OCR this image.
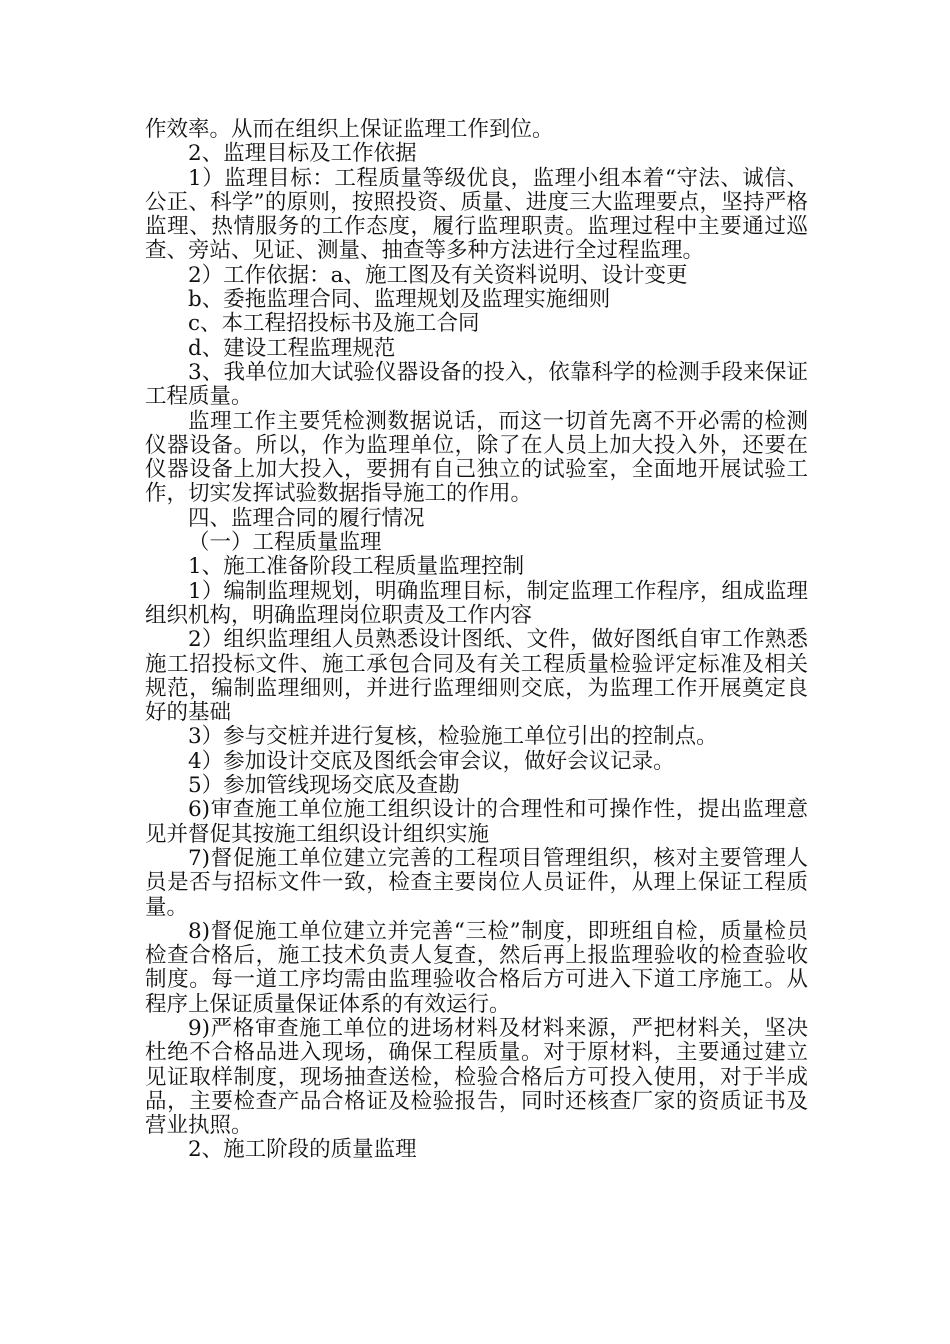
作效率。从而在组织上保证监理工作到位。

2、监理目标及工作依据

1）监理目标：工程质量等级优良，监理小组本着“守法、诚信、公正、科学”的原则，按照投资、质量、进度三大监理要点，坚持严格监理、热情服务的工作态度，履行监理职责。监理过程中主要通过巡查、旁站、见证、测量、抽查等多种方法进行全过程监理。

2）工作依据：a、施工图及有关资料说明、设计变更

b、委拖监理合同、监理规划及监理实施细则

c、本工程招投标书及施工合同

d、建设工程监理规范

3、我单位加大试验仪器设备的投入，依靠科学的检测手段来保证工程质量。

监理工作主要凭检测数据说话，而这一切首先离不开必需的检测仪器设备。所以，作为监理单位，除了在人员上加大投入外，还要在仪器设备上加大投入，要拥有自己独立的试验室，全面地开展试验工作，切实发挥试验数据指导施工的作用。

四、监理合同的履行情况

（一）工程质量监理

1、施工准备阶段工程质量监理控制

1）编制监理规划，明确监理目标，制定监理工作程序，组成监理组织机构，明确监理岗位职责及工作内容

2）组织监理组人员熟悉设计图纸、文件，做好图纸自审工作熟悉施工招投标文件、施工承包合同及有关工程质量检验评定标准及相关规范，编制监理细则，并进行监理细则交底，为监理工作开展奠定良好的基础

3）参与交桩并进行复核，检验施工单位引出的控制点。

4）参加设计交底及图纸会审会议，做好会议记录。

5）参加管线现场交底及查勘

6)审查施工单位施工组织设计的合理性和可操作性，提出监理意见并督促其按施工组织设计组织实施

7)督促施工单位建立完善的工程项目管理组织，核对主要管理人员是否与招标文件一致，检查主要岗位人员证件，从理上保证工程质量。

8)督促施工单位建立并完善“三检”制度，即班组自检，质量检员检查合格后，施工技术负责人复查，然后再上报监理验收的检查验收制度。每一道工序均需由监理验收合格后方可进入下道工序施工。从程序上保证质量保证体系的有效运行。

9)严格审查施工单位的进场材料及材料来源，严把材料关，坚决杜绝不合格品进入现场，确保工程质量。对于原材料，主要通过建立见证取样制度，现场抽查送检，检验合格后方可投入使用，对于半成品，主要检查产品合格证及检验报告，同时还核查厂家的资质证书及营业执照。

2、施工阶段的质量监理
